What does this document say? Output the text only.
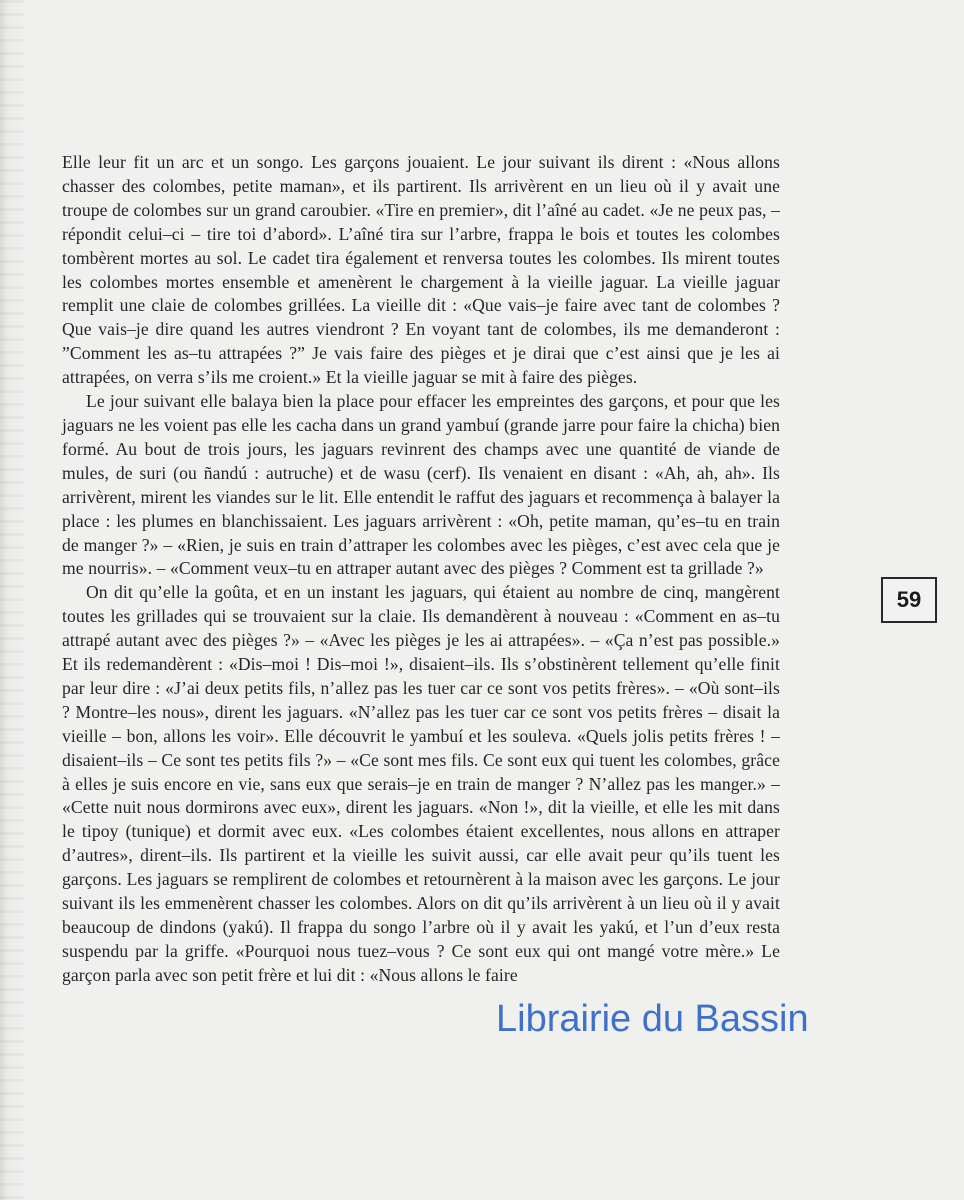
Elle leur fit un arc et un songo. Les garçons jouaient. Le jour suivant ils dirent : «Nous allons chasser des colombes, petite maman», et ils partirent. Ils arrivèrent en un lieu où il y avait une troupe de colombes sur un grand caroubier. «Tire en premier», dit l’aîné au cadet. «Je ne peux pas, – répondit celui–ci – tire toi d’abord». L’aîné tira sur l’arbre, frappa le bois et toutes les colombes tombèrent mortes au sol. Le cadet tira également et renversa toutes les colombes. Ils mirent toutes les colombes mortes ensemble et amenèrent le chargement à la vieille jaguar. La vieille jaguar remplit une claie de colombes grillées. La vieille dit : «Que vais–je faire avec tant de colombes ? Que vais–je dire quand les autres viendront ? En voyant tant de colombes, ils me demanderont : ”Comment les as–tu attrapées ?” Je vais faire des pièges et je dirai que c’est ainsi que je les ai attrapées, on verra s’ils me croient.» Et la vieille jaguar se mit à faire des pièges.

Le jour suivant elle balaya bien la place pour effacer les empreintes des garçons, et pour que les jaguars ne les voient pas elle les cacha dans un grand yambuí (grande jarre pour faire la chicha) bien formé. Au bout de trois jours, les jaguars revinrent des champs avec une quantité de viande de mules, de suri (ou ñandú : autruche) et de wasu (cerf). Ils venaient en disant : «Ah, ah, ah». Ils arrivèrent, mirent les viandes sur le lit. Elle entendit le raffut des jaguars et recommença à balayer la place : les plumes en blanchissaient. Les jaguars arrivèrent : «Oh, petite maman, qu’es–tu en train de manger ?» – «Rien, je suis en train d’attraper les colombes avec les pièges, c’est avec cela que je me nourris». – «Comment veux–tu en attraper autant avec des pièges ? Comment est ta grillade ?»

On dit qu’elle la goûta, et en un instant les jaguars, qui étaient au nombre de cinq, mangèrent toutes les grillades qui se trouvaient sur la claie. Ils demandèrent à nouveau : «Comment en as–tu attrapé autant avec des pièges ?» – «Avec les pièges je les ai attrapées». – «Ça n’est pas possible.» Et ils redemandèrent : «Dis–moi ! Dis–moi !», disaient–ils. Ils s’obstinèrent tellement qu’elle finit par leur dire : «J’ai deux petits fils, n’allez pas les tuer car ce sont vos petits frères». – «Où sont–ils ? Montre–les nous», dirent les jaguars. «N’allez pas les tuer car ce sont vos petits frères – disait la vieille – bon, allons les voir». Elle découvrit le yambuí et les souleva. «Quels jolis petits frères ! – disaient–ils – Ce sont tes petits fils ?» – «Ce sont mes fils. Ce sont eux qui tuent les colombes, grâce à elles je suis encore en vie, sans eux que serais–je en train de manger ? N’allez pas les manger.» – «Cette nuit nous dormirons avec eux», dirent les jaguars. «Non !», dit la vieille, et elle les mit dans le tipoy (tunique) et dormit avec eux. «Les colombes étaient excellentes, nous allons en attraper d’autres», dirent–ils. Ils partirent et la vieille les suivit aussi, car elle avait peur qu’ils tuent les garçons. Les jaguars se remplirent de colombes et retournèrent à la maison avec les garçons. Le jour suivant ils les emmenèrent chasser les colombes. Alors on dit qu’ils arrivèrent à un lieu où il y avait beaucoup de dindons (yakú). Il frappa du songo l’arbre où il y avait les yakú, et l’un d’eux resta suspendu par la griffe. «Pourquoi nous tuez–vous ? Ce sont eux qui ont mangé votre mère.» Le garçon parla avec son petit frère et lui dit : «Nous allons le faire

59
Librairie du Bassin
